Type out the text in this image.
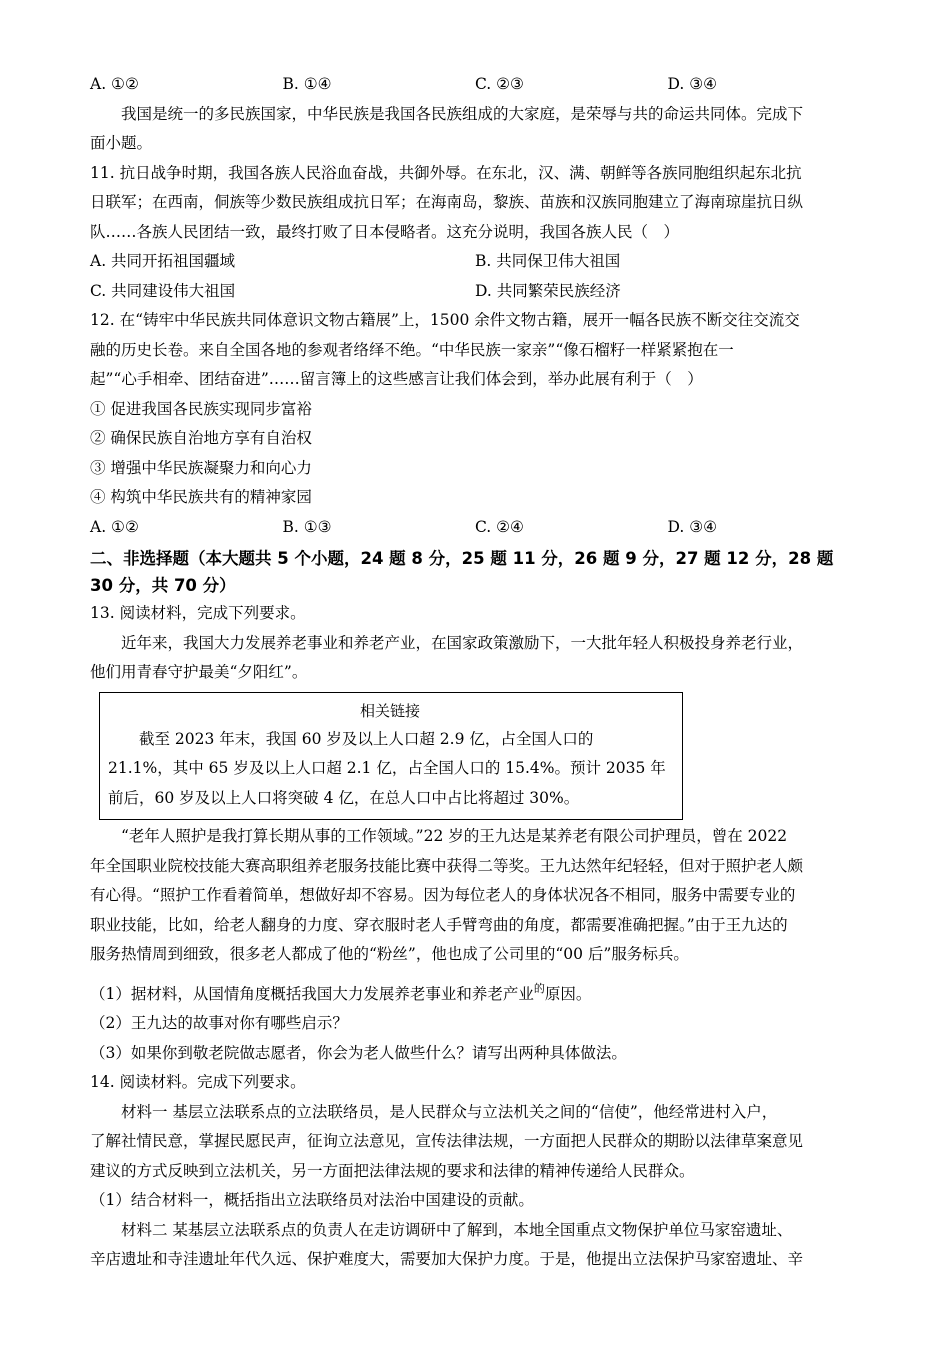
A. ①②	B. ①④	C. ②③	D. ③④
我国是统一的多民族国家，中华民族是我国各民族组成的大家庭，是荣辱与共的命运共同体。完成下
面小题。
11. 抗日战争时期，我国各族人民浴血奋战，共御外辱。在东北，汉、满、朝鲜等各族同胞组织起东北抗
日联军；在西南，侗族等少数民族组成抗日军；在海南岛，黎族、苗族和汉族同胞建立了海南琼崖抗日纵
队……各族人民团结一致，最终打败了日本侵略者。这充分说明，我国各族人民（　）
A. 共同开拓祖国疆域	B. 共同保卫伟大祖国
C. 共同建设伟大祖国	D. 共同繁荣民族经济
12. 在“铸牢中华民族共同体意识文物古籍展”上，1500 余件文物古籍，展开一幅各民族不断交往交流交
融的历史长卷。来自全国各地的参观者络绎不绝。“中华民族一家亲”“像石榴籽一样紧紧抱在一
起”“心手相牵、团结奋进”……留言簿上的这些感言让我们体会到，举办此展有利于（　）
① 促进我国各民族实现同步富裕
② 确保民族自治地方享有自治权
③ 增强中华民族凝聚力和向心力
④ 构筑中华民族共有的精神家园
A. ①②	B. ①③	C. ②④	D. ③④
二、非选择题（本大题共 5 个小题，24 题 8 分，25 题 11 分，26 题 9 分，27 题 12 分，28 题
30 分，共 70 分）
13. 阅读材料，完成下列要求。
近年来，我国大力发展养老事业和养老产业，在国家政策激励下，一大批年轻人积极投身养老行业，
他们用青春守护最美“夕阳红”。
相关链接
截至 2023 年末，我国 60 岁及以上人口超 2.9 亿，占全国人口的
21.1%，其中 65 岁及以上人口超 2.1 亿，占全国人口的 15.4%。预计 2035 年
前后，60 岁及以上人口将突破 4 亿，在总人口中占比将超过 30%。
“老年人照护是我打算长期从事的工作领域。”22 岁的王九达是某养老有限公司护理员，曾在 2022
年全国职业院校技能大赛高职组养老服务技能比赛中获得二等奖。王九达然年纪轻轻，但对于照护老人颇
有心得。“照护工作看着简单，想做好却不容易。因为每位老人的身体状况各不相同，服务中需要专业的
职业技能，比如，给老人翻身的力度、穿衣服时老人手臂弯曲的角度，都需要准确把握。”由于王九达的
服务热情周到细致，很多老人都成了他的“粉丝”，他也成了公司里的“00 后”服务标兵。
（1）据材料，从国情角度概括我国大力发展养老事业和养老产业$^的$原因。
（2）王九达的故事对你有哪些启示？
（3）如果你到敬老院做志愿者，你会为老人做些什么？请写出两种具体做法。
14. 阅读材料。完成下列要求。
材料一 基层立法联系点的立法联络员，是人民群众与立法机关之间的“信使”，他经常进村入户，
了解社情民意，掌握民愿民声，征询立法意见，宣传法律法规，一方面把人民群众的期盼以法律草案意见
建议的方式反映到立法机关，另一方面把法律法规的要求和法律的精神传递给人民群众。
（1）结合材料一，概括指出立法联络员对法治中国建设的贡献。
材料二 某基层立法联系点的负责人在走访调研中了解到，本地全国重点文物保护单位马家窑遗址、
辛店遗址和寺洼遗址年代久远、保护难度大，需要加大保护力度。于是，他提出立法保护马家窑遗址、辛
